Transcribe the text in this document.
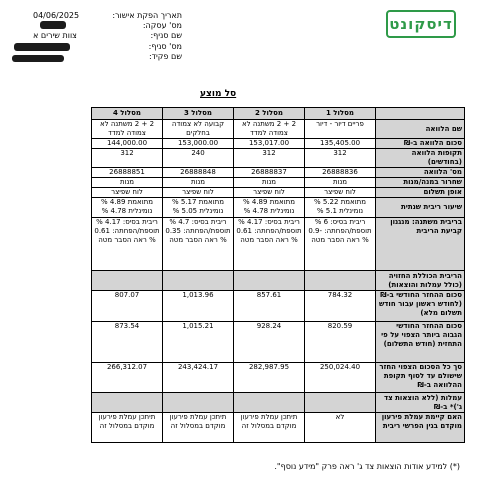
דיסקונט
04/06/2025	תאריך הפקת אישור:
מס' עסקה:
צוות שירים א	שם סניף:
מס' סניף:
שם פקיד:
סל מוצע
	מסלול 1	מסלול 2	מסלול 3	מסלול 4
שם הלוואה	פריים דיור - דיור	2 + 2 משתנה לא צמודה למדד	קבועה לא צמודה בחלקים	2 + 2 משתנה לא צמודה למדד
סכום הלוואה ב-₪	135,405.00	153,017.00	153,000.00	144,000.00
תקופות הלוואה (בחודשים)	312	312	240	312
מס' הלוואה	26888836	26888837	26888848	26888851
שחרור במנה/מנות	מנות	מנות	מנות	מנות
אופן תשלום	לוח שפיצר	לוח שפיצר	לוח שפיצר	לוח שפיצר
שיעור ריבית שנתית	מתואמת 5.22 % נומינלית 5.1 %	מתואמת 4.89 % נומינלית 4.78 %	מתואמת 5.17 % נומינלית 5.05 %	מתואמת 4.89 % נומינלית 4.78 %
בריבית משתנה: מנגנון קביעת הריבית	ריבית בסיס: 6 % תוספת/הפחתה: -0.9 % ראה הסבר מטה	ריבית בסיס: 4.17 % תוספת/הפחתה: 0.61 % ראה הסבר מטה	ריבית בסיס: 4.7 % תוספת/הפחתה: 0.35 % ראה הסבר מטה	ריבית בסיס: 4.17 % תוספת/הפחתה: 0.61 % ראה הסבר מטה
הריבית הכוללת החזויה (כולל עמלות והוצאות)				
סכום ההחזר החודשי ב-₪ (לחודש ראשון עבור חודש תשלום מלא)	784.32	857.61	1,013.96	807.07
סכום ההחזר החודשי הגבוה ביותר הצפוי על פי התחזית (חודש התשלום)	820.59	928.24	1,015.21	873.54
סך כל הסכום הצפוי החזר שישולם עד לסוף תקופת ההלוואה ב-₪	250,024.40	282,987.95	243,424.17	266,312.07
עמלות (ללא הוצאות צד ג')* ב-₪				
האם קיימת עמלת פירעון מוקדם בגין הפרשי ריבית	לא	תיתכן עמלת פירעון מוקדם במסלול זה	תיתכן עמלת פירעון מוקדם במסלול זה	תיתכן עמלת פירעון מוקדם במסלול זה
(*) למידע אודות הוצאות צד ג' ראה פרק "מידע נוסף".
